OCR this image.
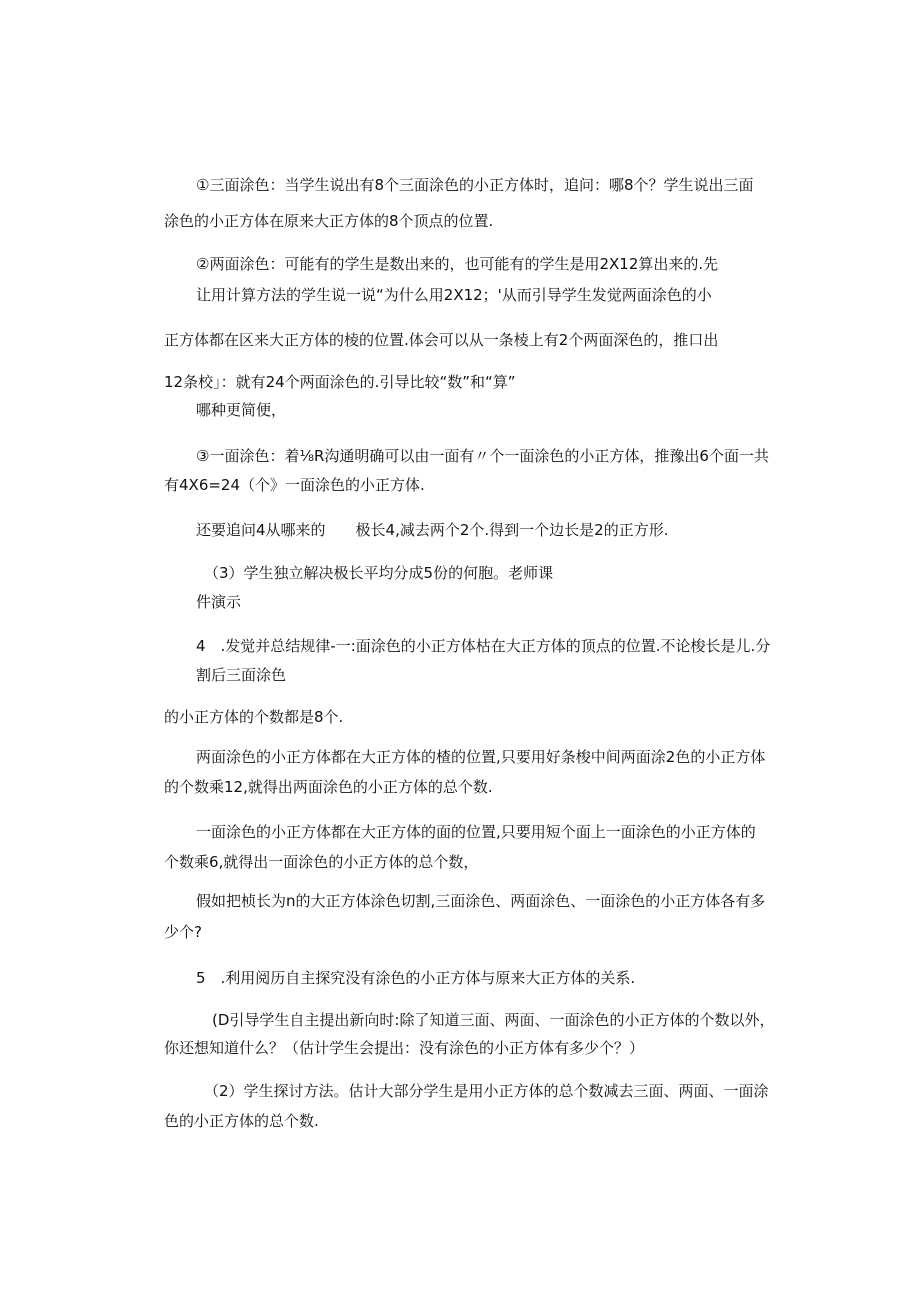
①三面涂色：当学生说出有8个三面涂色的小正方体时，追问：哪8个？学生说出三面
涂色的小正方体在原来大正方体的8个顶点的位置.
②两面涂色：可能有的学生是数出来的，也可能有的学生是用2X12算出来的.先
让用计算方法的学生说一说“为什么用2X12；'从而引导学生发觉两面涂色的小
正方体都在区来大正方体的棱的位置.体会可以从一条棱上有2个两面深色的，推口出
12条校」：就有24个两面涂色的.引导比较“数”和“算”
哪种更简便，
③一面涂色：着⅛R沟通明确可以由一面有〃个一面涂色的小正方体，推豫出6个面一共
有4X6=24（个》一面涂色的小正方体.
还要追问4从哪来的　　极长4,减去两个2个.得到一个边长是2的正方形.
（3）学生独立解决极长平均分成5份的何胞。老师课
件演示
4　.发觉并总结规律-一:面涂色的小正方体枯在大正方体的顶点的位置.不论梭长是儿.分
割后三面涂色
的小正方体的个数都是8个.
两面涂色的小正方体都在大正方体的楂的位置,只要用好条梭中间两面涂2色的小正方体
的个数乘12,就得出两面涂色的小正方体的总个数.
一面涂色的小正方体都在大正方体的面的位置,只要用短个面上一面涂色的小正方体的
个数乘6,就得出一面涂色的小正方体的总个数，
假如把桢长为n的大正方体涂色切割,三面涂色、两面涂色、一面涂色的小正方体各有多
少个?
5　.利用阅历自主探究没有涂色的小正方体与原来大正方体的关系.
(D引导学生自主提出新向时:除了知道三面、两面、一面涂色的小正方体的个数以外，
你还想知道什么？（估计学生会提出：没有涂色的小正方体有多少个？）
（2）学生探讨方法。估计大部分学生是用小正方体的总个数减去三面、两面、一面涂
色的小正方体的总个数.
